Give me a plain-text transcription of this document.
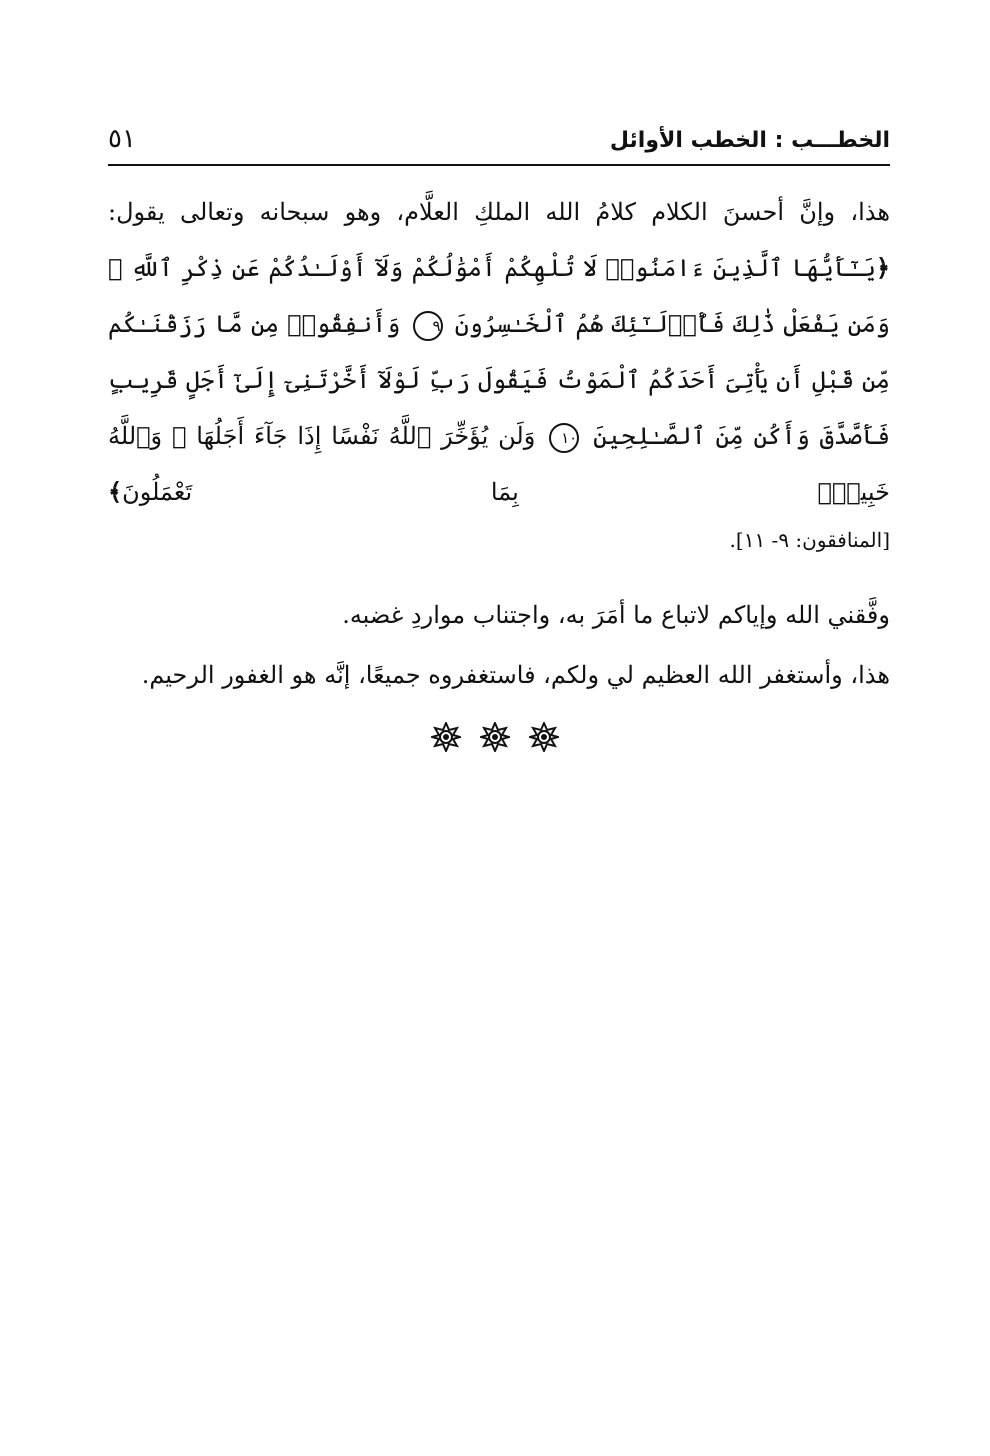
الخطـــب : الخطب الأوائل
٥١

هذا، وإنَّ أحسنَ الكلام كلامُ الله الملكِ العلَّام، وهو سبحانه وتعالى يقول: ﴿يَـٰٓأَيُّهَا ٱلَّذِينَ ءَامَنُوا۟ لَا تُلْهِكُمْ أَمْوَٰلُكُمْ وَلَآ أَوْلَـٰدُكُمْ عَن ذِكْرِ ٱللَّهِ ۚ وَمَن يَفْعَلْ ذَٰلِكَ فَأُو۟لَـٰٓئِكَ هُمُ ٱلْخَـٰسِرُونَ ٩ وَأَنفِقُوا۟ مِن مَّا رَزَقْنَـٰكُم مِّن قَبْلِ أَن يَأْتِىَ أَحَدَكُمُ ٱلْمَوْتُ فَيَقُولَ رَبِّ لَوْلَآ أَخَّرْتَنِىٓ إِلَىٰٓ أَجَلٍ قَرِيبٍ فَأَصَّدَّقَ وَأَكُن مِّنَ ٱلصَّـٰلِحِينَ ١٠ وَلَن يُؤَخِّرَ ٱللَّهُ نَفْسًا إِذَا جَآءَ أَجَلُهَا ۚ وَٱللَّهُ خَبِيرٌۢ بِمَا تَعْمَلُونَ﴾

[المنافقون: ٩- ١١].

وفَّقني الله وإياكم لاتباع ما أمَرَ به، واجتناب مواردِ غضبه.

هذا، وأستغفر الله العظيم لي ولكم، فاستغفروه جميعًا، إنَّه هو الغفور الرحيم.
